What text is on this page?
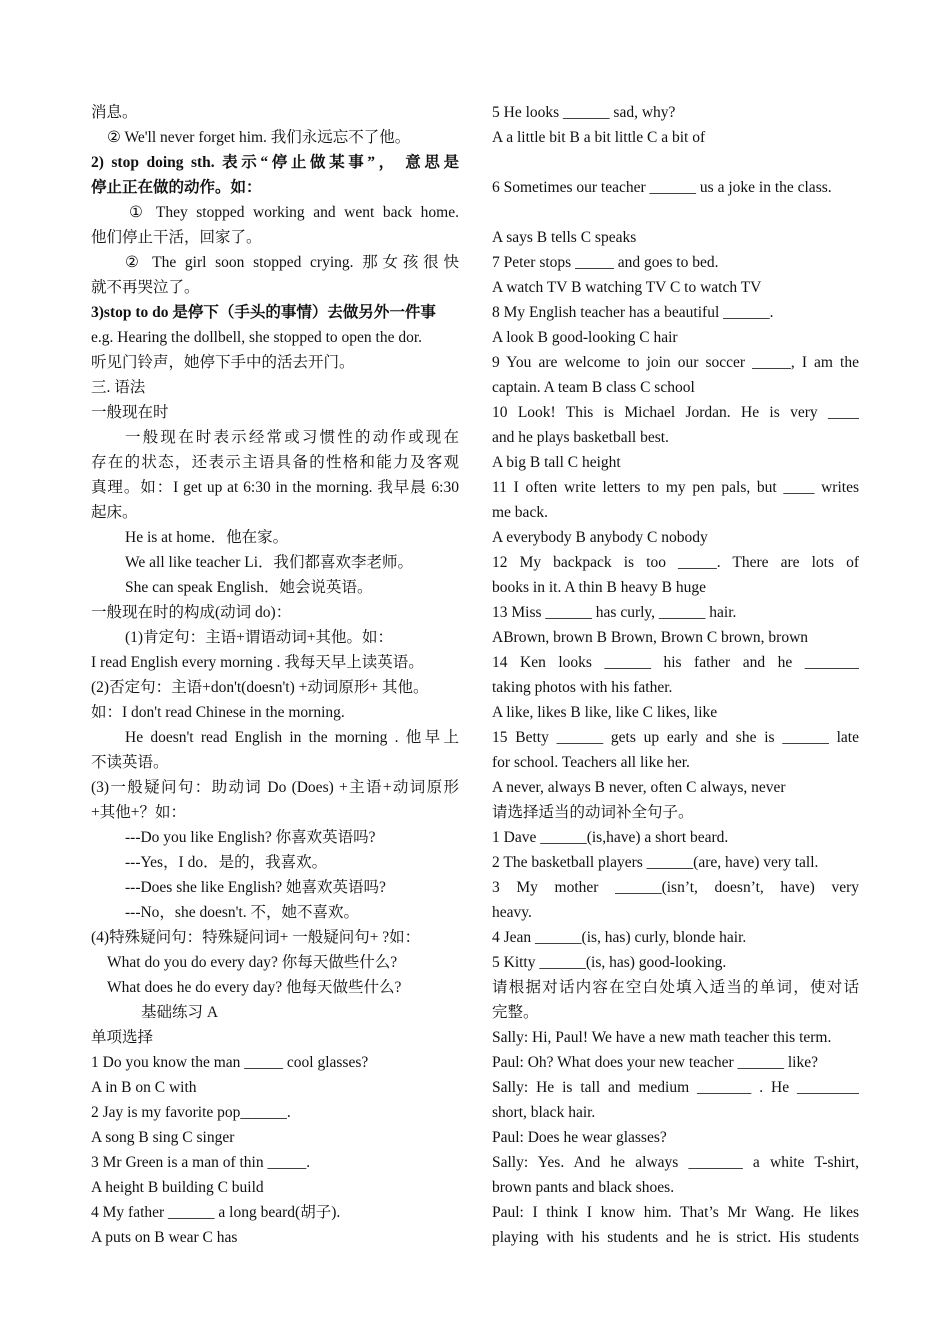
消息。
② We'll never forget him. 我们永远忘不了他。
2) stop doing sth. 表示“停止做某事”， 意思是
停止正在做的动作。如：
① They stopped working and went back home.
他们停止干活，回家了。
② The girl soon stopped crying. 那女孩很快
就不再哭泣了。
3)stop to do 是停下（手头的事情）去做另外一件事
e.g. Hearing the dollbell, she stopped to open the dor.
听见门铃声，她停下手中的活去开门。
三. 语法
一般现在时
一般现在时表示经常或习惯性的动作或现在
存在的状态，还表示主语具备的性格和能力及客观
真理。如：I get up at 6:30 in the morning. 我早晨 6:30
起床。
He is at home．他在家。
We all like teacher Li．我们都喜欢李老师。
She can speak English．她会说英语。
一般现在时的构成(动词 do)：
(1)肯定句：主语+谓语动词+其他。如：
I read English every morning . 我每天早上读英语。
(2)否定句：主语+don't(doesn't) +动词原形+ 其他。
如：I don't read Chinese in the morning.
He doesn't read English in the morning . 他早上
不读英语。
(3)一般疑问句：助动词 Do (Does) +主语+动词原形
+其他+？如：
---Do you like English? 你喜欢英语吗?
---Yes，I do．是的，我喜欢。
---Does she like English? 她喜欢英语吗?
---No，she doesn't. 不，她不喜欢。
(4)特殊疑问句：特殊疑问词+ 一般疑问句+ ?如：
What do you do every day? 你每天做些什么?
What does he do every day? 他每天做些什么?
基础练习 A
单项选择
1 Do you know the man _____ cool glasses?
A in B on C with
2 Jay is my favorite pop______.
A song B sing C singer
3 Mr Green is a man of thin _____.
A height B building C build
4 My father ______ a long beard(胡子).
A puts on B wear C has
5 He looks ______ sad, why?
A a little bit B a bit little C a bit of
6 Sometimes our teacher ______ us a joke in the class.
A says B tells C speaks
7 Peter stops _____ and goes to bed.
A watch TV B watching TV C to watch TV
8 My English teacher has a beautiful ______.
A look B good-looking C hair
9 You are welcome to join our soccer _____, I am the
captain. A team B class C school
10 Look! This is Michael Jordan. He is very ____
and he plays basketball best.
A big B tall C height
11 I often write letters to my pen pals, but ____ writes
me back.
A everybody B anybody C nobody
12 My backpack is too _____. There are lots of
books in it. A thin B heavy B huge
13 Miss ______ has curly, ______ hair.
ABrown, brown B Brown, Brown C brown, brown
14 Ken looks ______ his father and he _______
taking photos with his father.
A like, likes B like, like C likes, like
15 Betty ______ gets up early and she is ______ late
for school. Teachers all like her.
A never, always B never, often C always, never
请选择适当的动词补全句子。
1 Dave ______(is,have) a short beard.
2 The basketball players ______(are, have) very tall.
3 My mother ______(isn’t, doesn’t, have) very
heavy.
4 Jean ______(is, has) curly, blonde hair.
5 Kitty ______(is, has) good-looking.
请根据对话内容在空白处填入适当的单词，使对话
完整。
Sally: Hi, Paul! We have a new math teacher this term.
Paul: Oh? What does your new teacher ______ like?
Sally: He is tall and medium _______ . He ________
short, black hair.
Paul: Does he wear glasses?
Sally: Yes. And he always _______ a white T-shirt,
brown pants and black shoes.
Paul: I think I know him. That’s Mr Wang. He likes
playing with his students and he is strict. His students
